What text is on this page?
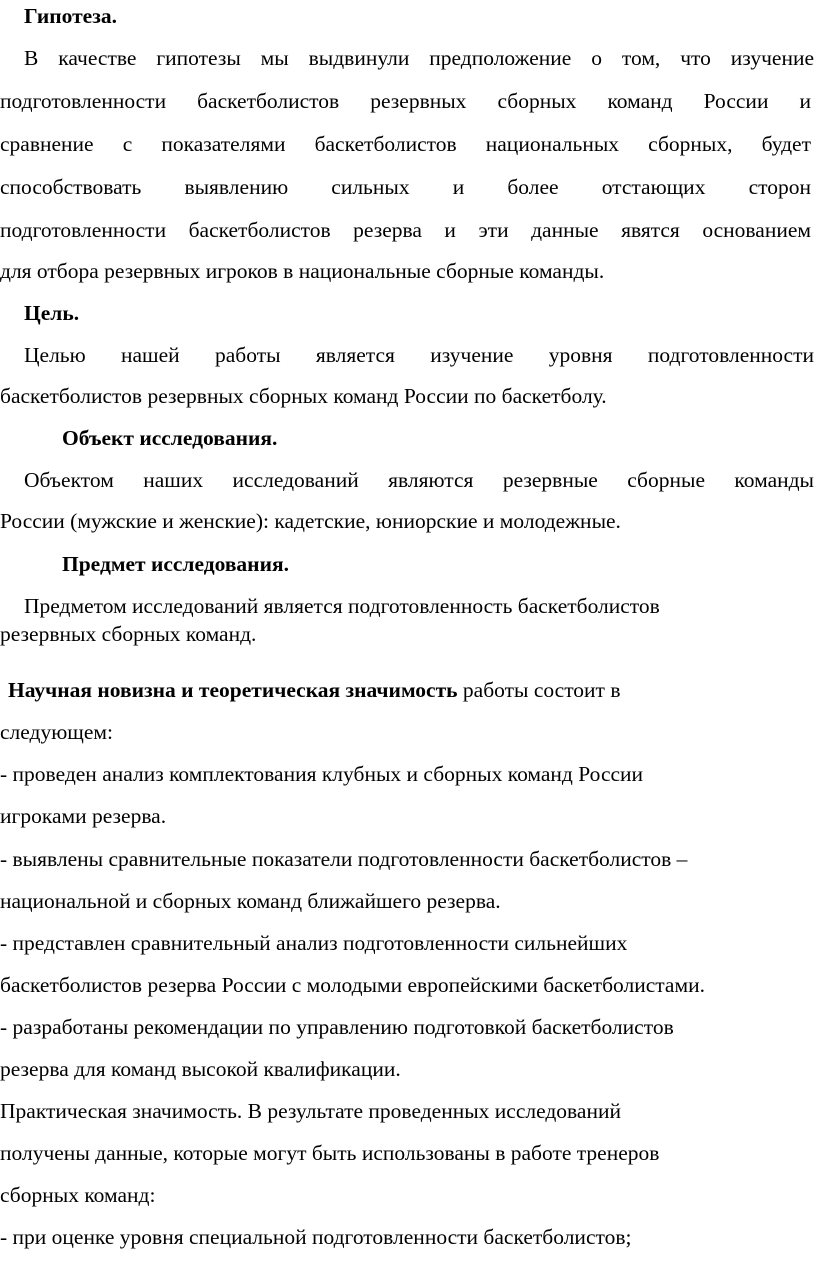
Гипотеза.

В качестве гипотезы мы выдвинули предположение о том, что изучение

подготовленности баскетболистов резервных сборных команд России и

сравнение с показателями баскетболистов национальных сборных, будет

способствовать выявлению сильных и более отстающих сторон

подготовленности баскетболистов резерва и эти данные явятся основанием

для отбора резервных игроков в национальные сборные команды.

Цель.

Целью нашей работы является изучение уровня подготовленности

баскетболистов резервных сборных команд России по баскетболу.

Объект исследования.

Объектом наших исследований являются резервные сборные команды

России (мужские и женские): кадетские, юниорские и молодежные.

Предмет исследования.

Предметом исследований является подготовленность баскетболистов

резервных сборных команд.

Научная новизна и теоретическая значимость работы состоит в

следующем:

- проведен анализ комплектования клубных и сборных команд России

игроками резерва.

- выявлены сравнительные показатели подготовленности баскетболистов –

национальной и сборных команд ближайшего резерва.

- представлен сравнительный анализ подготовленности сильнейших

баскетболистов резерва России с молодыми европейскими баскетболистами.

- разработаны рекомендации по управлению подготовкой баскетболистов

резерва для команд высокой квалификации.

Практическая значимость. В результате проведенных исследований

получены данные, которые могут быть использованы в работе тренеров

сборных команд:

- при оценке уровня специальной подготовленности баскетболистов;
